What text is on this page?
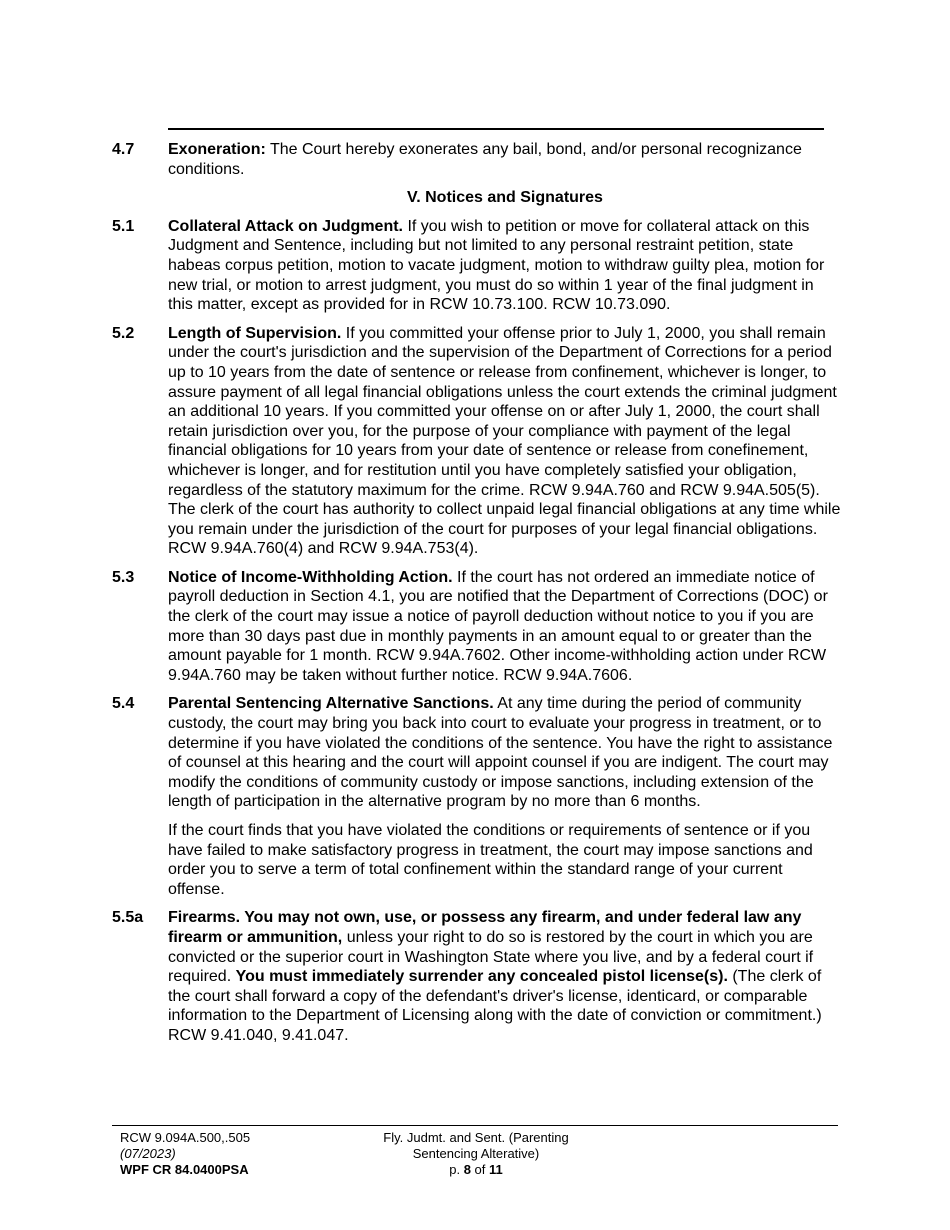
4.7	Exoneration: The Court hereby exonerates any bail, bond, and/or personal recognizance conditions.
V. Notices and Signatures
5.1	Collateral Attack on Judgment. If you wish to petition or move for collateral attack on this Judgment and Sentence, including but not limited to any personal restraint petition, state habeas corpus petition, motion to vacate judgment, motion to withdraw guilty plea, motion for new trial, or motion to arrest judgment, you must do so within 1 year of the final judgment in this matter, except as provided for in RCW 10.73.100. RCW 10.73.090.
5.2	Length of Supervision. If you committed your offense prior to July 1, 2000, you shall remain under the court's jurisdiction and the supervision of the Department of Corrections for a period up to 10 years from the date of sentence or release from confinement, whichever is longer, to assure payment of all legal financial obligations unless the court extends the criminal judgment an additional 10 years. If you committed your offense on or after July 1, 2000, the court shall retain jurisdiction over you, for the purpose of your compliance with payment of the legal financial obligations for 10 years from your date of sentence or release from conefinement, whichever is longer, and for restitution until you have completely satisfied your obligation, regardless of the statutory maximum for the crime. RCW 9.94A.760 and RCW 9.94A.505(5). The clerk of the court has authority to collect unpaid legal financial obligations at any time while you remain under the jurisdiction of the court for purposes of your legal financial obligations. RCW 9.94A.760(4) and RCW 9.94A.753(4).
5.3	Notice of Income-Withholding Action. If the court has not ordered an immediate notice of payroll deduction in Section 4.1, you are notified that the Department of Corrections (DOC) or the clerk of the court may issue a notice of payroll deduction without notice to you if you are more than 30 days past due in monthly payments in an amount equal to or greater than the amount payable for 1 month. RCW 9.94A.7602. Other income-withholding action under RCW 9.94A.760 may be taken without further notice. RCW 9.94A.7606.
5.4	Parental Sentencing Alternative Sanctions. At any time during the period of community custody, the court may bring you back into court to evaluate your progress in treatment, or to determine if you have violated the conditions of the sentence. You have the right to assistance of counsel at this hearing and the court will appoint counsel if you are indigent. The court may modify the conditions of community custody or impose sanctions, including extension of the length of participation in the alternative program by no more than 6 months.
If the court finds that you have violated the conditions or requirements of sentence or if you have failed to make satisfactory progress in treatment, the court may impose sanctions and order you to serve a term of total confinement within the standard range of your current offense.
5.5a	Firearms. You may not own, use, or possess any firearm, and under federal law any firearm or ammunition, unless your right to do so is restored by the court in which you are convicted or the superior court in Washington State where you live, and by a federal court if required. You must immediately surrender any concealed pistol license(s). (The clerk of the court shall forward a copy of the defendant's driver's license, identicard, or comparable information to the Department of Licensing along with the date of conviction or commitment.) RCW 9.41.040, 9.41.047.
RCW 9.094A.500,.505
(07/2023)
WPF CR 84.0400PSA
Fly. Judmt. and Sent. (Parenting
Sentencing Alterative)
p. 8 of 11
